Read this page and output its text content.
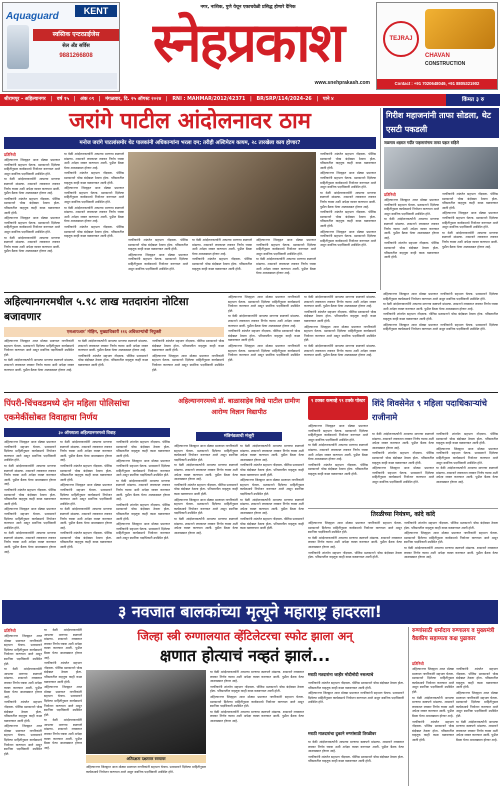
Aquaguard	KENT
स्वस्तिक एन्टरप्राईजेस
सेल अँड सर्विस
9881266808
नगर, नाशिक, पुणे येथून एकाचवेळी प्रसिद्ध होणारे दैनिक
स्नेहप्रकाश
www.snehprakash.com
TEJRAJ
CHAVAN
CONSTRUCTION
Contact : +91 7020648049, +91 8805321902
श्रीरामपूर - अहिल्यानगर | वर्ष १५ | अंक ०९ | मंगळवार, दि. २५ ऑगस्ट २०२४ | RNI : MAHMAR/2012/42371 | BR/SRP/114/2024-26 | पाने ४	किंमत ३ रु
जरांगे पाटील आंदोलनावर ठाम
मनोज जरांगे पाटलांसमोर थेट पालकांनी अधिकाऱ्यांना भरला दम; तरीही अल्टिमेटम कायम, २८ तारखेला काय होणार?
प्रतिनिधी

अहिल्यानगर जिल्ह्यात आज मोठ्या प्रमाणात नागरिकांनी सहभाग घेतला. प्रशासनाने दिलेल्या माहितीनुसार कार्यक्रमाचे नियोजन करण्यात आले असून स्थानिक पदाधिकारी उपस्थित होते.

या वेळी आंदोलनकर्त्यांनी आपल्या मागण्या स्पष्टपणे मांडल्या. शासनाने लवकरात लवकर निर्णय घ्यावा अशी अपेक्षा व्यक्त करण्यात आली. पुढील बैठक येत्या आठवड्यात होणार आहे.

नागरिकांनी शांततेत सहभाग नोंदवला. पोलिस प्रशासनाने चोख बंदोबस्त ठेवला होता. परिसरातील वाहतूक काही काळ वळवण्यात आली होती.

अहिल्यानगर जिल्ह्यात आज मोठ्या प्रमाणात नागरिकांनी सहभाग घेतला. प्रशासनाने दिलेल्या माहितीनुसार कार्यक्रमाचे नियोजन करण्यात आले असून स्थानिक पदाधिकारी उपस्थित होते.

या वेळी आंदोलनकर्त्यांनी आपल्या मागण्या स्पष्टपणे मांडल्या. शासनाने लवकरात लवकर निर्णय घ्यावा अशी अपेक्षा व्यक्त करण्यात आली. पुढील बैठक येत्या आठवड्यात होणार आहे.

या वेळी आंदोलनकर्त्यांनी आपल्या मागण्या स्पष्टपणे मांडल्या. शासनाने लवकरात लवकर निर्णय घ्यावा अशी अपेक्षा व्यक्त करण्यात आली. पुढील बैठक येत्या आठवड्यात होणार आहे.

नागरिकांनी शांततेत सहभाग नोंदवला. पोलिस प्रशासनाने चोख बंदोबस्त ठेवला होता. परिसरातील वाहतूक काही काळ वळवण्यात आली होती.

अहिल्यानगर जिल्ह्यात आज मोठ्या प्रमाणात नागरिकांनी सहभाग घेतला. प्रशासनाने दिलेल्या माहितीनुसार कार्यक्रमाचे नियोजन करण्यात आले असून स्थानिक पदाधिकारी उपस्थित होते.

या वेळी आंदोलनकर्त्यांनी आपल्या मागण्या स्पष्टपणे मांडल्या. शासनाने लवकरात लवकर निर्णय घ्यावा अशी अपेक्षा व्यक्त करण्यात आली. पुढील बैठक येत्या आठवड्यात होणार आहे.

नागरिकांनी शांततेत सहभाग नोंदवला. पोलिस प्रशासनाने चोख बंदोबस्त ठेवला होता. परिसरातील वाहतूक काही काळ वळवण्यात आली होती.

नागरिकांनी शांततेत सहभाग नोंदवला. पोलिस प्रशासनाने चोख बंदोबस्त ठेवला होता. परिसरातील वाहतूक काही काळ वळवण्यात आली होती.

अहिल्यानगर जिल्ह्यात आज मोठ्या प्रमाणात नागरिकांनी सहभाग घेतला. प्रशासनाने दिलेल्या माहितीनुसार कार्यक्रमाचे नियोजन करण्यात आले असून स्थानिक पदाधिकारी उपस्थित होते.

या वेळी आंदोलनकर्त्यांनी आपल्या मागण्या स्पष्टपणे मांडल्या. शासनाने लवकरात लवकर निर्णय घ्यावा अशी अपेक्षा व्यक्त करण्यात आली. पुढील बैठक येत्या आठवड्यात होणार आहे.

नागरिकांनी शांततेत सहभाग नोंदवला. पोलिस प्रशासनाने चोख बंदोबस्त ठेवला होता. परिसरातील वाहतूक काही काळ वळवण्यात आली होती.

अहिल्यानगर जिल्ह्यात आज मोठ्या प्रमाणात नागरिकांनी सहभाग घेतला. प्रशासनाने दिलेल्या माहितीनुसार कार्यक्रमाचे नियोजन करण्यात आले असून स्थानिक पदाधिकारी उपस्थित होते.

या वेळी आंदोलनकर्त्यांनी आपल्या मागण्या स्पष्टपणे मांडल्या. शासनाने लवकरात लवकर निर्णय घ्यावा अशी अपेक्षा व्यक्त करण्यात आली. पुढील बैठक येत्या आठवड्यात होणार आहे.

नागरिकांनी शांततेत सहभाग नोंदवला. पोलिस प्रशासनाने चोख बंदोबस्त ठेवला होता. परिसरातील वाहतूक काही काळ वळवण्यात आली होती.

अहिल्यानगर जिल्ह्यात आज मोठ्या प्रमाणात नागरिकांनी सहभाग घेतला. प्रशासनाने दिलेल्या माहितीनुसार कार्यक्रमाचे नियोजन करण्यात आले असून स्थानिक पदाधिकारी उपस्थित होते.

या वेळी आंदोलनकर्त्यांनी आपल्या मागण्या स्पष्टपणे मांडल्या. शासनाने लवकरात लवकर निर्णय घ्यावा अशी अपेक्षा व्यक्त करण्यात आली. पुढील बैठक येत्या आठवड्यात होणार आहे.

नागरिकांनी शांततेत सहभाग नोंदवला. पोलिस प्रशासनाने चोख बंदोबस्त ठेवला होता. परिसरातील वाहतूक काही काळ वळवण्यात आली होती.

अहिल्यानगर जिल्ह्यात आज मोठ्या प्रमाणात नागरिकांनी सहभाग घेतला. प्रशासनाने दिलेल्या माहितीनुसार कार्यक्रमाचे नियोजन करण्यात आले असून स्थानिक पदाधिकारी उपस्थित होते.

गिरीश महाजनांनी ताफा सोडला, थेट एसटी पकडली
जळगाव शहरात गर्दीत पाहणारांनाच ताफा पहात राहिले
प्रतिनिधी

अहिल्यानगर जिल्ह्यात आज मोठ्या प्रमाणात नागरिकांनी सहभाग घेतला. प्रशासनाने दिलेल्या माहितीनुसार कार्यक्रमाचे नियोजन करण्यात आले असून स्थानिक पदाधिकारी उपस्थित होते.

या वेळी आंदोलनकर्त्यांनी आपल्या मागण्या स्पष्टपणे मांडल्या. शासनाने लवकरात लवकर निर्णय घ्यावा अशी अपेक्षा व्यक्त करण्यात आली. पुढील बैठक येत्या आठवड्यात होणार आहे.

नागरिकांनी शांततेत सहभाग नोंदवला. पोलिस प्रशासनाने चोख बंदोबस्त ठेवला होता. परिसरातील वाहतूक काही काळ वळवण्यात आली होती.

नागरिकांनी शांततेत सहभाग नोंदवला. पोलिस प्रशासनाने चोख बंदोबस्त ठेवला होता. परिसरातील वाहतूक काही काळ वळवण्यात आली होती.

अहिल्यानगर जिल्ह्यात आज मोठ्या प्रमाणात नागरिकांनी सहभाग घेतला. प्रशासनाने दिलेल्या माहितीनुसार कार्यक्रमाचे नियोजन करण्यात आले असून स्थानिक पदाधिकारी उपस्थित होते.

या वेळी आंदोलनकर्त्यांनी आपल्या मागण्या स्पष्टपणे मांडल्या. शासनाने लवकरात लवकर निर्णय घ्यावा अशी अपेक्षा व्यक्त करण्यात आली. पुढील बैठक येत्या आठवड्यात होणार आहे.

अहिल्यानगरमधील ५.९८ लाख मतदारांना नोटिसा बजावणार
एसआयआर' मोहिम, मुख्याधिकारी ११६ अधिकाऱ्यांची नियुक्ती

अहिल्यानगर जिल्ह्यात आज मोठ्या प्रमाणात नागरिकांनी सहभाग घेतला. प्रशासनाने दिलेल्या माहितीनुसार कार्यक्रमाचे नियोजन करण्यात आले असून स्थानिक पदाधिकारी उपस्थित होते.

या वेळी आंदोलनकर्त्यांनी आपल्या मागण्या स्पष्टपणे मांडल्या. शासनाने लवकरात लवकर निर्णय घ्यावा अशी अपेक्षा व्यक्त करण्यात आली. पुढील बैठक येत्या आठवड्यात होणार आहे.

या वेळी आंदोलनकर्त्यांनी आपल्या मागण्या स्पष्टपणे मांडल्या. शासनाने लवकरात लवकर निर्णय घ्यावा अशी अपेक्षा व्यक्त करण्यात आली. पुढील बैठक येत्या आठवड्यात होणार आहे.

नागरिकांनी शांततेत सहभाग नोंदवला. पोलिस प्रशासनाने चोख बंदोबस्त ठेवला होता. परिसरातील वाहतूक काही काळ वळवण्यात आली होती.

नागरिकांनी शांततेत सहभाग नोंदवला. पोलिस प्रशासनाने चोख बंदोबस्त ठेवला होता. परिसरातील वाहतूक काही काळ वळवण्यात आली होती.

अहिल्यानगर जिल्ह्यात आज मोठ्या प्रमाणात नागरिकांनी सहभाग घेतला. प्रशासनाने दिलेल्या माहितीनुसार कार्यक्रमाचे नियोजन करण्यात आले असून स्थानिक पदाधिकारी उपस्थित होते.

अहिल्यानगर जिल्ह्यात आज मोठ्या प्रमाणात नागरिकांनी सहभाग घेतला. प्रशासनाने दिलेल्या माहितीनुसार कार्यक्रमाचे नियोजन करण्यात आले असून स्थानिक पदाधिकारी उपस्थित होते.

या वेळी आंदोलनकर्त्यांनी आपल्या मागण्या स्पष्टपणे मांडल्या. शासनाने लवकरात लवकर निर्णय घ्यावा अशी अपेक्षा व्यक्त करण्यात आली. पुढील बैठक येत्या आठवड्यात होणार आहे.

नागरिकांनी शांततेत सहभाग नोंदवला. पोलिस प्रशासनाने चोख बंदोबस्त ठेवला होता. परिसरातील वाहतूक काही काळ वळवण्यात आली होती.

अहिल्यानगर जिल्ह्यात आज मोठ्या प्रमाणात नागरिकांनी सहभाग घेतला. प्रशासनाने दिलेल्या माहितीनुसार कार्यक्रमाचे नियोजन करण्यात आले असून स्थानिक पदाधिकारी उपस्थित होते.

या वेळी आंदोलनकर्त्यांनी आपल्या मागण्या स्पष्टपणे मांडल्या. शासनाने लवकरात लवकर निर्णय घ्यावा अशी अपेक्षा व्यक्त करण्यात आली. पुढील बैठक येत्या आठवड्यात होणार आहे.

नागरिकांनी शांततेत सहभाग नोंदवला. पोलिस प्रशासनाने चोख बंदोबस्त ठेवला होता. परिसरातील वाहतूक काही काळ वळवण्यात आली होती.

अहिल्यानगर जिल्ह्यात आज मोठ्या प्रमाणात नागरिकांनी सहभाग घेतला. प्रशासनाने दिलेल्या माहितीनुसार कार्यक्रमाचे नियोजन करण्यात आले असून स्थानिक पदाधिकारी उपस्थित होते.

या वेळी आंदोलनकर्त्यांनी आपल्या मागण्या स्पष्टपणे मांडल्या. शासनाने लवकरात लवकर निर्णय घ्यावा अशी अपेक्षा व्यक्त करण्यात आली. पुढील बैठक येत्या आठवड्यात होणार आहे.

अहिल्यानगर जिल्ह्यात आज मोठ्या प्रमाणात नागरिकांनी सहभाग घेतला. प्रशासनाने दिलेल्या माहितीनुसार कार्यक्रमाचे नियोजन करण्यात आले असून स्थानिक पदाधिकारी उपस्थित होते.

या वेळी आंदोलनकर्त्यांनी आपल्या मागण्या स्पष्टपणे मांडल्या. शासनाने लवकरात लवकर निर्णय घ्यावा अशी अपेक्षा व्यक्त करण्यात आली. पुढील बैठक येत्या आठवड्यात होणार आहे.

नागरिकांनी शांततेत सहभाग नोंदवला. पोलिस प्रशासनाने चोख बंदोबस्त ठेवला होता. परिसरातील वाहतूक काही काळ वळवण्यात आली होती.

अहिल्यानगर जिल्ह्यात आज मोठ्या प्रमाणात नागरिकांनी सहभाग घेतला. प्रशासनाने दिलेल्या माहितीनुसार कार्यक्रमाचे नियोजन करण्यात आले असून स्थानिक पदाधिकारी उपस्थित होते.

पिंपरी-चिंचवडमध्ये दोन महिला पोलिसांचा एकमेकींसोबत विवाहाचा निर्णय
३० ऑगस्टला अहिल्यानगरमध्ये विवाह

अहिल्यानगर जिल्ह्यात आज मोठ्या प्रमाणात नागरिकांनी सहभाग घेतला. प्रशासनाने दिलेल्या माहितीनुसार कार्यक्रमाचे नियोजन करण्यात आले असून स्थानिक पदाधिकारी उपस्थित होते.

या वेळी आंदोलनकर्त्यांनी आपल्या मागण्या स्पष्टपणे मांडल्या. शासनाने लवकरात लवकर निर्णय घ्यावा अशी अपेक्षा व्यक्त करण्यात आली. पुढील बैठक येत्या आठवड्यात होणार आहे.

नागरिकांनी शांततेत सहभाग नोंदवला. पोलिस प्रशासनाने चोख बंदोबस्त ठेवला होता. परिसरातील वाहतूक काही काळ वळवण्यात आली होती.

अहिल्यानगर जिल्ह्यात आज मोठ्या प्रमाणात नागरिकांनी सहभाग घेतला. प्रशासनाने दिलेल्या माहितीनुसार कार्यक्रमाचे नियोजन करण्यात आले असून स्थानिक पदाधिकारी उपस्थित होते.

या वेळी आंदोलनकर्त्यांनी आपल्या मागण्या स्पष्टपणे मांडल्या. शासनाने लवकरात लवकर निर्णय घ्यावा अशी अपेक्षा व्यक्त करण्यात आली. पुढील बैठक येत्या आठवड्यात होणार आहे.

या वेळी आंदोलनकर्त्यांनी आपल्या मागण्या स्पष्टपणे मांडल्या. शासनाने लवकरात लवकर निर्णय घ्यावा अशी अपेक्षा व्यक्त करण्यात आली. पुढील बैठक येत्या आठवड्यात होणार आहे.

नागरिकांनी शांततेत सहभाग नोंदवला. पोलिस प्रशासनाने चोख बंदोबस्त ठेवला होता. परिसरातील वाहतूक काही काळ वळवण्यात आली होती.

अहिल्यानगर जिल्ह्यात आज मोठ्या प्रमाणात नागरिकांनी सहभाग घेतला. प्रशासनाने दिलेल्या माहितीनुसार कार्यक्रमाचे नियोजन करण्यात आले असून स्थानिक पदाधिकारी उपस्थित होते.

या वेळी आंदोलनकर्त्यांनी आपल्या मागण्या स्पष्टपणे मांडल्या. शासनाने लवकरात लवकर निर्णय घ्यावा अशी अपेक्षा व्यक्त करण्यात आली. पुढील बैठक येत्या आठवड्यात होणार आहे.

नागरिकांनी शांततेत सहभाग नोंदवला. पोलिस प्रशासनाने चोख बंदोबस्त ठेवला होता. परिसरातील वाहतूक काही काळ वळवण्यात आली होती.

नागरिकांनी शांततेत सहभाग नोंदवला. पोलिस प्रशासनाने चोख बंदोबस्त ठेवला होता. परिसरातील वाहतूक काही काळ वळवण्यात आली होती.

अहिल्यानगर जिल्ह्यात आज मोठ्या प्रमाणात नागरिकांनी सहभाग घेतला. प्रशासनाने दिलेल्या माहितीनुसार कार्यक्रमाचे नियोजन करण्यात आले असून स्थानिक पदाधिकारी उपस्थित होते.

या वेळी आंदोलनकर्त्यांनी आपल्या मागण्या स्पष्टपणे मांडल्या. शासनाने लवकरात लवकर निर्णय घ्यावा अशी अपेक्षा व्यक्त करण्यात आली. पुढील बैठक येत्या आठवड्यात होणार आहे.

नागरिकांनी शांततेत सहभाग नोंदवला. पोलिस प्रशासनाने चोख बंदोबस्त ठेवला होता. परिसरातील वाहतूक काही काळ वळवण्यात आली होती.

अहिल्यानगर जिल्ह्यात आज मोठ्या प्रमाणात नागरिकांनी सहभाग घेतला. प्रशासनाने दिलेल्या माहितीनुसार कार्यक्रमाचे नियोजन करण्यात आले असून स्थानिक पदाधिकारी उपस्थित होते.

अहिल्यानगरमध्ये डॉ. बाळासाहेब विखे पाटील ग्रामीण आरोग्य विज्ञान विद्यापीठ
मंत्रिमंडळाची मंजूरी

अहिल्यानगर जिल्ह्यात आज मोठ्या प्रमाणात नागरिकांनी सहभाग घेतला. प्रशासनाने दिलेल्या माहितीनुसार कार्यक्रमाचे नियोजन करण्यात आले असून स्थानिक पदाधिकारी उपस्थित होते.

या वेळी आंदोलनकर्त्यांनी आपल्या मागण्या स्पष्टपणे मांडल्या. शासनाने लवकरात लवकर निर्णय घ्यावा अशी अपेक्षा व्यक्त करण्यात आली. पुढील बैठक येत्या आठवड्यात होणार आहे.

नागरिकांनी शांततेत सहभाग नोंदवला. पोलिस प्रशासनाने चोख बंदोबस्त ठेवला होता. परिसरातील वाहतूक काही काळ वळवण्यात आली होती.

अहिल्यानगर जिल्ह्यात आज मोठ्या प्रमाणात नागरिकांनी सहभाग घेतला. प्रशासनाने दिलेल्या माहितीनुसार कार्यक्रमाचे नियोजन करण्यात आले असून स्थानिक पदाधिकारी उपस्थित होते.

या वेळी आंदोलनकर्त्यांनी आपल्या मागण्या स्पष्टपणे मांडल्या. शासनाने लवकरात लवकर निर्णय घ्यावा अशी अपेक्षा व्यक्त करण्यात आली. पुढील बैठक येत्या आठवड्यात होणार आहे.

या वेळी आंदोलनकर्त्यांनी आपल्या मागण्या स्पष्टपणे मांडल्या. शासनाने लवकरात लवकर निर्णय घ्यावा अशी अपेक्षा व्यक्त करण्यात आली. पुढील बैठक येत्या आठवड्यात होणार आहे.

नागरिकांनी शांततेत सहभाग नोंदवला. पोलिस प्रशासनाने चोख बंदोबस्त ठेवला होता. परिसरातील वाहतूक काही काळ वळवण्यात आली होती.

अहिल्यानगर जिल्ह्यात आज मोठ्या प्रमाणात नागरिकांनी सहभाग घेतला. प्रशासनाने दिलेल्या माहितीनुसार कार्यक्रमाचे नियोजन करण्यात आले असून स्थानिक पदाधिकारी उपस्थित होते.

या वेळी आंदोलनकर्त्यांनी आपल्या मागण्या स्पष्टपणे मांडल्या. शासनाने लवकरात लवकर निर्णय घ्यावा अशी अपेक्षा व्यक्त करण्यात आली. पुढील बैठक येत्या आठवड्यात होणार आहे.

नागरिकांनी शांततेत सहभाग नोंदवला. पोलिस प्रशासनाने चोख बंदोबस्त ठेवला होता. परिसरातील वाहतूक काही काळ वळवण्यात आली होती.

९ टक्का कमाव्हे ९९ टक्के पोस्टर शिंदे शिवसेनेत ९ महिला पदाधिकाऱ्यांचे राजीनामे

अहिल्यानगर जिल्ह्यात आज मोठ्या प्रमाणात नागरिकांनी सहभाग घेतला. प्रशासनाने दिलेल्या माहितीनुसार कार्यक्रमाचे नियोजन करण्यात आले असून स्थानिक पदाधिकारी उपस्थित होते.

या वेळी आंदोलनकर्त्यांनी आपल्या मागण्या स्पष्टपणे मांडल्या. शासनाने लवकरात लवकर निर्णय घ्यावा अशी अपेक्षा व्यक्त करण्यात आली. पुढील बैठक येत्या आठवड्यात होणार आहे.

नागरिकांनी शांततेत सहभाग नोंदवला. पोलिस प्रशासनाने चोख बंदोबस्त ठेवला होता. परिसरातील वाहतूक काही काळ वळवण्यात आली होती.

या वेळी आंदोलनकर्त्यांनी आपल्या मागण्या स्पष्टपणे मांडल्या. शासनाने लवकरात लवकर निर्णय घ्यावा अशी अपेक्षा व्यक्त करण्यात आली. पुढील बैठक येत्या आठवड्यात होणार आहे.

नागरिकांनी शांततेत सहभाग नोंदवला. पोलिस प्रशासनाने चोख बंदोबस्त ठेवला होता. परिसरातील वाहतूक काही काळ वळवण्यात आली होती.

अहिल्यानगर जिल्ह्यात आज मोठ्या प्रमाणात नागरिकांनी सहभाग घेतला. प्रशासनाने दिलेल्या माहितीनुसार कार्यक्रमाचे नियोजन करण्यात आले असून स्थानिक पदाधिकारी उपस्थित होते.

नागरिकांनी शांततेत सहभाग नोंदवला. पोलिस प्रशासनाने चोख बंदोबस्त ठेवला होता. परिसरातील वाहतूक काही काळ वळवण्यात आली होती.

अहिल्यानगर जिल्ह्यात आज मोठ्या प्रमाणात नागरिकांनी सहभाग घेतला. प्रशासनाने दिलेल्या माहितीनुसार कार्यक्रमाचे नियोजन करण्यात आले असून स्थानिक पदाधिकारी उपस्थित होते.

या वेळी आंदोलनकर्त्यांनी आपल्या मागण्या स्पष्टपणे मांडल्या. शासनाने लवकरात लवकर निर्णय घ्यावा अशी अपेक्षा व्यक्त करण्यात आली. पुढील बैठक येत्या आठवड्यात होणार आहे.

तिरळीच्या नियंत्रण, कांदे कांदे

अहिल्यानगर जिल्ह्यात आज मोठ्या प्रमाणात नागरिकांनी सहभाग घेतला. प्रशासनाने दिलेल्या माहितीनुसार कार्यक्रमाचे नियोजन करण्यात आले असून स्थानिक पदाधिकारी उपस्थित होते.

या वेळी आंदोलनकर्त्यांनी आपल्या मागण्या स्पष्टपणे मांडल्या. शासनाने लवकरात लवकर निर्णय घ्यावा अशी अपेक्षा व्यक्त करण्यात आली. पुढील बैठक येत्या आठवड्यात होणार आहे.

नागरिकांनी शांततेत सहभाग नोंदवला. पोलिस प्रशासनाने चोख बंदोबस्त ठेवला होता. परिसरातील वाहतूक काही काळ वळवण्यात आली होती.

नागरिकांनी शांततेत सहभाग नोंदवला. पोलिस प्रशासनाने चोख बंदोबस्त ठेवला होता. परिसरातील वाहतूक काही काळ वळवण्यात आली होती.

अहिल्यानगर जिल्ह्यात आज मोठ्या प्रमाणात नागरिकांनी सहभाग घेतला. प्रशासनाने दिलेल्या माहितीनुसार कार्यक्रमाचे नियोजन करण्यात आले असून स्थानिक पदाधिकारी उपस्थित होते.

या वेळी आंदोलनकर्त्यांनी आपल्या मागण्या स्पष्टपणे मांडल्या. शासनाने लवकरात लवकर निर्णय घ्यावा अशी अपेक्षा व्यक्त करण्यात आली. पुढील बैठक येत्या आठवड्यात होणार आहे.

३ नवजात बालकांच्या मृत्यूने महाराष्ट्र हादरला!
प्रतिनिधी

अहिल्यानगर जिल्ह्यात आज मोठ्या प्रमाणात नागरिकांनी सहभाग घेतला. प्रशासनाने दिलेल्या माहितीनुसार कार्यक्रमाचे नियोजन करण्यात आले असून स्थानिक पदाधिकारी उपस्थित होते.

या वेळी आंदोलनकर्त्यांनी आपल्या मागण्या स्पष्टपणे मांडल्या. शासनाने लवकरात लवकर निर्णय घ्यावा अशी अपेक्षा व्यक्त करण्यात आली. पुढील बैठक येत्या आठवड्यात होणार आहे.

नागरिकांनी शांततेत सहभाग नोंदवला. पोलिस प्रशासनाने चोख बंदोबस्त ठेवला होता. परिसरातील वाहतूक काही काळ वळवण्यात आली होती.

अहिल्यानगर जिल्ह्यात आज मोठ्या प्रमाणात नागरिकांनी सहभाग घेतला. प्रशासनाने दिलेल्या माहितीनुसार कार्यक्रमाचे नियोजन करण्यात आले असून स्थानिक पदाधिकारी उपस्थित होते.

या वेळी आंदोलनकर्त्यांनी आपल्या मागण्या स्पष्टपणे मांडल्या. शासनाने लवकरात लवकर निर्णय घ्यावा अशी अपेक्षा व्यक्त करण्यात आली. पुढील बैठक येत्या आठवड्यात होणार आहे.

नागरिकांनी शांततेत सहभाग नोंदवला. पोलिस प्रशासनाने चोख बंदोबस्त ठेवला होता. परिसरातील वाहतूक काही काळ वळवण्यात आली होती.

अहिल्यानगर जिल्ह्यात आज मोठ्या प्रमाणात नागरिकांनी सहभाग घेतला. प्रशासनाने दिलेल्या माहितीनुसार कार्यक्रमाचे नियोजन करण्यात आले असून स्थानिक पदाधिकारी उपस्थित होते.

या वेळी आंदोलनकर्त्यांनी आपल्या मागण्या स्पष्टपणे मांडल्या. शासनाने लवकरात लवकर निर्णय घ्यावा अशी अपेक्षा व्यक्त करण्यात आली. पुढील बैठक येत्या आठवड्यात होणार आहे.

जिल्हा स्त्री रुग्णालयात व्हेंटिलेटरचा स्फोट झाला अन्
क्षणात होत्याचं नव्हतं झालं...
अतिदक्षता दक्षतावर रस्त्यावर

अहिल्यानगर जिल्ह्यात आज मोठ्या प्रमाणात नागरिकांनी सहभाग घेतला. प्रशासनाने दिलेल्या माहितीनुसार कार्यक्रमाचे नियोजन करण्यात आले असून स्थानिक पदाधिकारी उपस्थित होते.

या वेळी आंदोलनकर्त्यांनी आपल्या मागण्या स्पष्टपणे मांडल्या. शासनाने लवकरात लवकर निर्णय घ्यावा अशी अपेक्षा व्यक्त करण्यात आली. पुढील बैठक येत्या आठवड्यात होणार आहे.

नागरिकांनी शांततेत सहभाग नोंदवला. पोलिस प्रशासनाने चोख बंदोबस्त ठेवला होता. परिसरातील वाहतूक काही काळ वळवण्यात आली होती.

अहिल्यानगर जिल्ह्यात आज मोठ्या प्रमाणात नागरिकांनी सहभाग घेतला. प्रशासनाने दिलेल्या माहितीनुसार कार्यक्रमाचे नियोजन करण्यात आले असून स्थानिक पदाधिकारी उपस्थित होते.

या वेळी आंदोलनकर्त्यांनी आपल्या मागण्या स्पष्टपणे मांडल्या. शासनाने लवकरात लवकर निर्णय घ्यावा अशी अपेक्षा व्यक्त करण्यात आली. पुढील बैठक येत्या आठवड्यात होणार आहे.

मराठी मतदारांना जाहीर मोदीमोदी नसल्याचे

नागरिकांनी शांततेत सहभाग नोंदवला. पोलिस प्रशासनाने चोख बंदोबस्त ठेवला होता. परिसरातील वाहतूक काही काळ वळवण्यात आली होती.

अहिल्यानगर जिल्ह्यात आज मोठ्या प्रमाणात नागरिकांनी सहभाग घेतला. प्रशासनाने दिलेल्या माहितीनुसार कार्यक्रमाचे नियोजन करण्यात आले असून स्थानिक पदाधिकारी उपस्थित होते.

मराठी मातदारांचा दुकाने रुग्णांसाठी तिरळीवर

या वेळी आंदोलनकर्त्यांनी आपल्या मागण्या स्पष्टपणे मांडल्या. शासनाने लवकरात लवकर निर्णय घ्यावा अशी अपेक्षा व्यक्त करण्यात आली. पुढील बैठक येत्या आठवड्यात होणार आहे.

नागरिकांनी शांततेत सहभाग नोंदवला. पोलिस प्रशासनाने चोख बंदोबस्त ठेवला होता. परिसरातील वाहतूक काही काळ वळवण्यात आली होती.

रुग्णांसाठी धर्मादाय रुग्णालय व मुख्यमंत्री वैद्यकीय सहाय्यता कक्ष पुढाकार
प्रतिनिधी

अहिल्यानगर जिल्ह्यात आज मोठ्या प्रमाणात नागरिकांनी सहभाग घेतला. प्रशासनाने दिलेल्या माहितीनुसार कार्यक्रमाचे नियोजन करण्यात आले असून स्थानिक पदाधिकारी उपस्थित होते.

या वेळी आंदोलनकर्त्यांनी आपल्या मागण्या स्पष्टपणे मांडल्या. शासनाने लवकरात लवकर निर्णय घ्यावा अशी अपेक्षा व्यक्त करण्यात आली. पुढील बैठक येत्या आठवड्यात होणार आहे.

नागरिकांनी शांततेत सहभाग नोंदवला. पोलिस प्रशासनाने चोख बंदोबस्त ठेवला होता. परिसरातील वाहतूक काही काळ वळवण्यात आली होती.

नागरिकांनी शांततेत सहभाग नोंदवला. पोलिस प्रशासनाने चोख बंदोबस्त ठेवला होता. परिसरातील वाहतूक काही काळ वळवण्यात आली होती.

अहिल्यानगर जिल्ह्यात आज मोठ्या प्रमाणात नागरिकांनी सहभाग घेतला. प्रशासनाने दिलेल्या माहितीनुसार कार्यक्रमाचे नियोजन करण्यात आले असून स्थानिक पदाधिकारी उपस्थित होते.

या वेळी आंदोलनकर्त्यांनी आपल्या मागण्या स्पष्टपणे मांडल्या. शासनाने लवकरात लवकर निर्णय घ्यावा अशी अपेक्षा व्यक्त करण्यात आली. पुढील बैठक येत्या आठवड्यात होणार आहे.
